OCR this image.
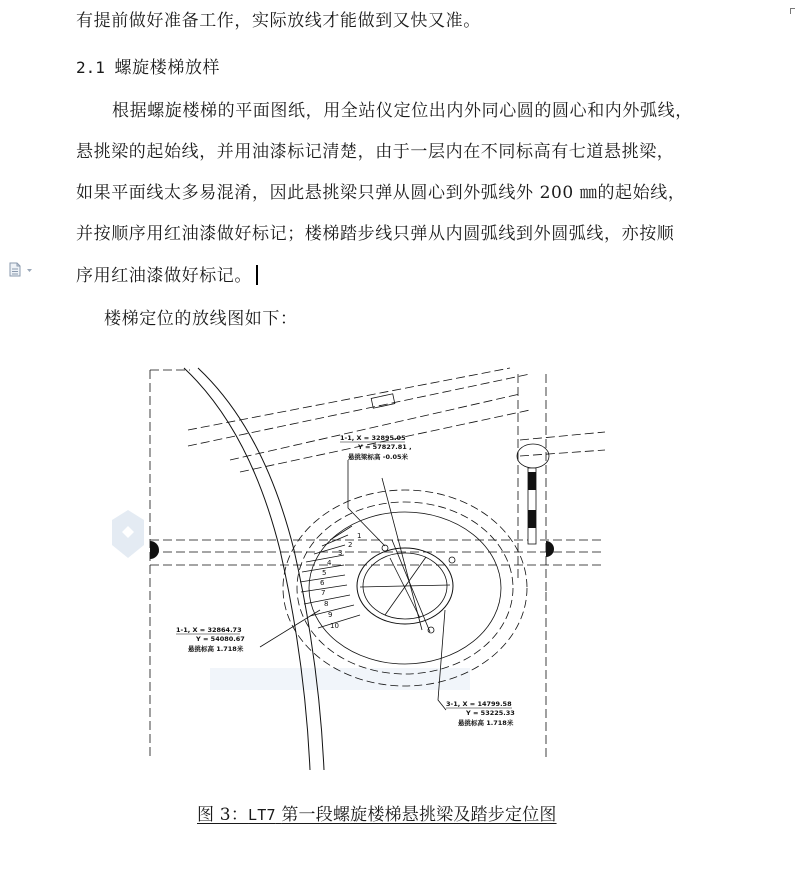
有提前做好准备工作，实际放线才能做到又快又准。

2.1 螺旋楼梯放样

根据螺旋楼梯的平面图纸，用全站仪定位出内外同心圆的圆心和内外弧线，

悬挑梁的起始线，并用油漆标记清楚，由于一层内在不同标高有七道悬挑梁，

如果平面线太多易混淆，因此悬挑梁只弹从圆心到外弧线外 200 ㎜的起始线，

并按顺序用红油漆做好标记；楼梯踏步线只弹从内圆弧线到外圆弧线，亦按顺

序用红油漆做好标记。

楼梯定位的放线图如下：

1
2
3
4
5
6
7
8
9
10
1-1, X = 32895.05
Y = 57827.81 ,
悬挑梁标高 -0.05米
1-1, X = 32864.73
Y = 54080.67
悬挑标高 1.718米
3-1, X = 14799.58
Y = 53225.33
悬挑标高 1.718米

图 3：LT7 第一段螺旋楼梯悬挑梁及踏步定位图
